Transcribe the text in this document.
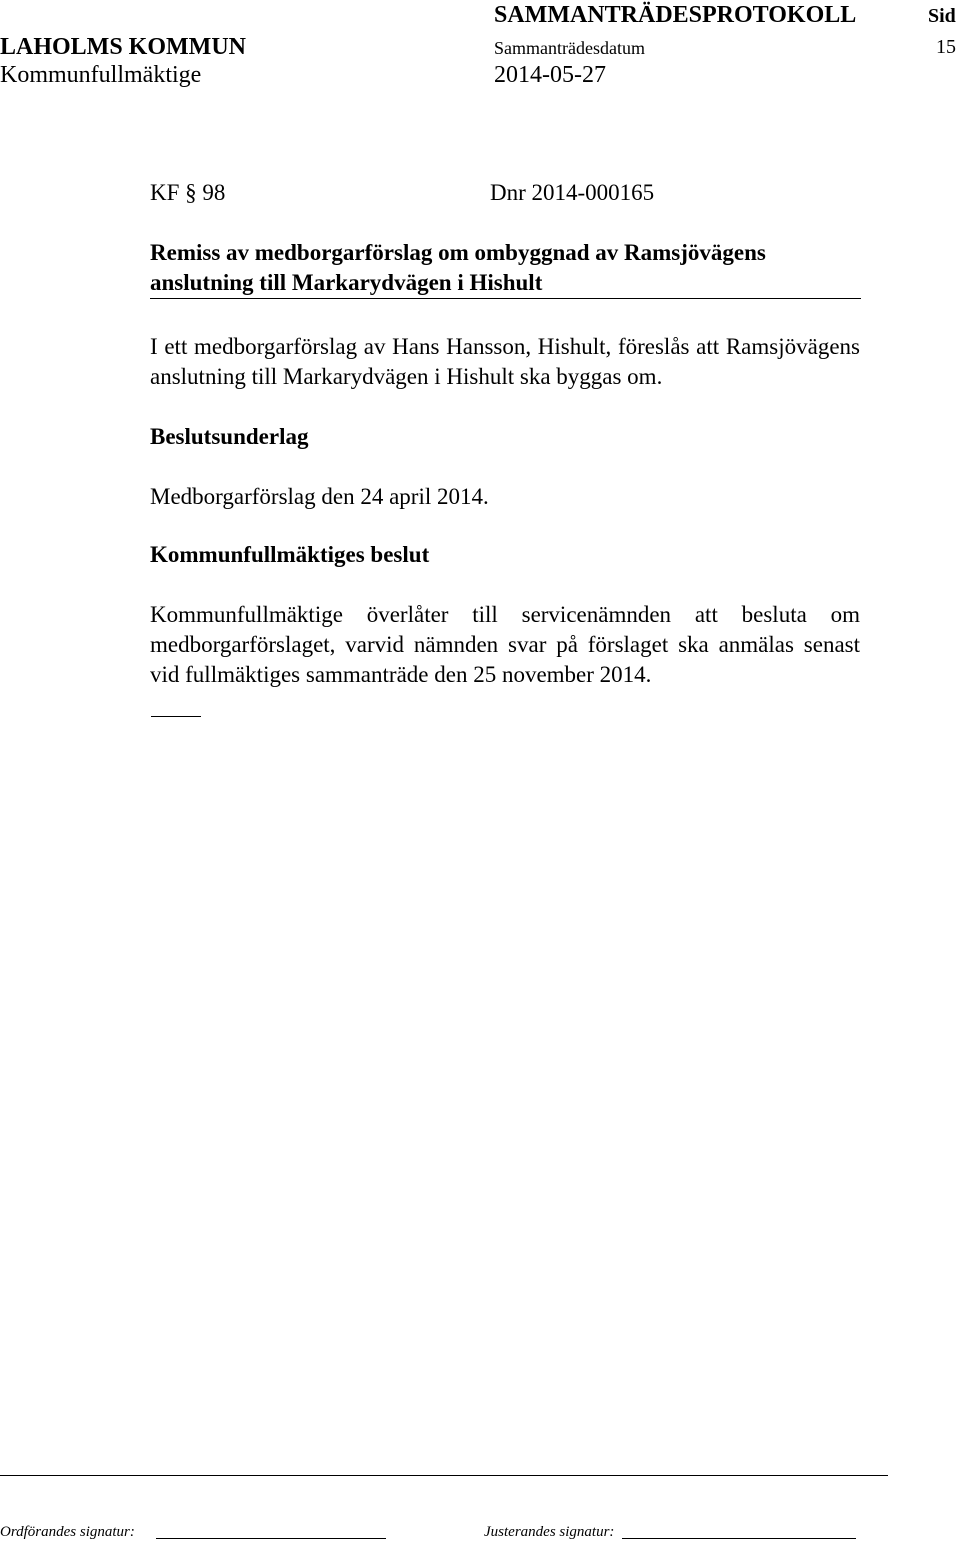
SAMMANTRÄDESPROTOKOLL	Sid
LAHOLMS KOMMUN	Sammanträdesdatum	15
Kommunfullmäktige	2014-05-27
KF § 98	Dnr 2014-000165
Remiss av medborgarförslag om ombyggnad av Ramsjövägens anslutning till Markarydvägen i Hishult
I ett medborgarförslag av Hans Hansson, Hishult, föreslås att Ramsjövägens anslutning till Markarydvägen i Hishult ska byggas om.
Beslutsunderlag
Medborgarförslag den 24 april 2014.
Kommunfullmäktiges beslut
Kommunfullmäktige överlåter till servicenämnden att besluta om medborgarförslaget, varvid nämnden svar på förslaget ska anmälas senast vid fullmäktiges sammanträde den 25 november 2014.
Ordförandes signatur:	Justerandes signatur:
